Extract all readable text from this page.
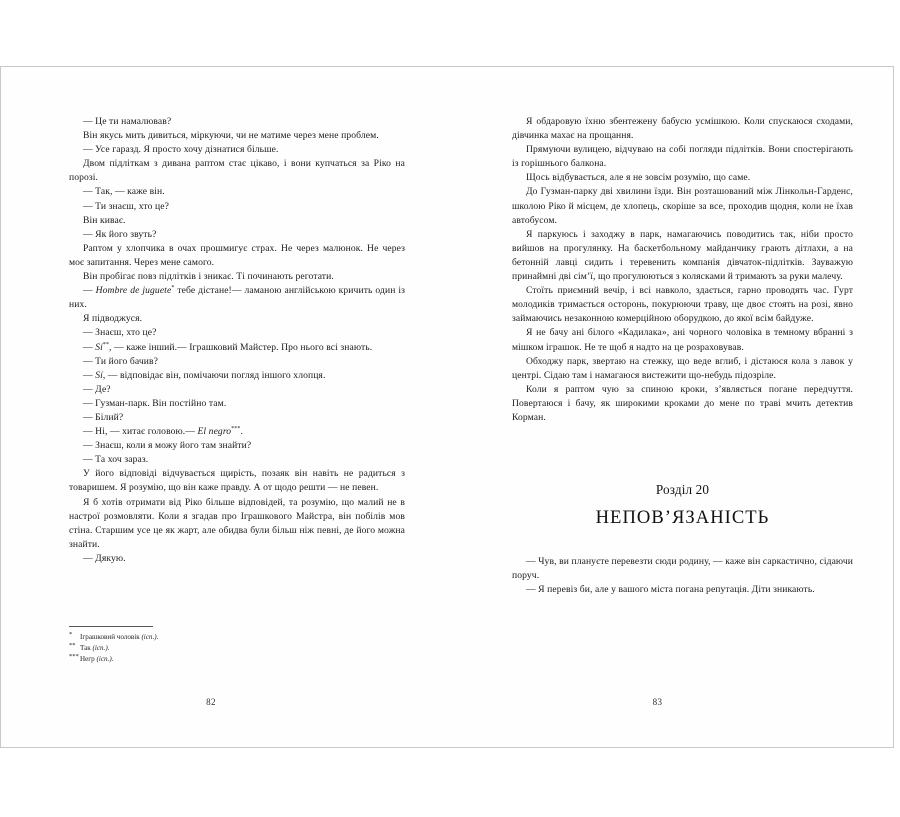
— Це ти намалював?

Він якусь мить дивиться, міркуючи, чи не матиме через мене проблем.

— Усе гаразд. Я просто хочу дізнатися більше.

Двом підліткам з дивана раптом стає цікаво, і вони купчаться за Ріко на порозі.

— Так, — каже він.

— Ти знаєш, хто це?

Він киває.

— Як його звуть?

Раптом у хлопчика в очах прошмигує страх. Не через малюнок. Не через моє запитання. Через мене самого.

Він пробігає повз підлітків і зникає. Ті починають реготати.

— Hombre de juguete* тебе дістане!— ламаною англійською кричить один із них.

Я підводжуся.

— Знаєш, хто це?

— Sí**, — каже інший.— Іграшковий Майстер. Про нього всі знають.

— Ти його бачив?

— Sí, — відповідає він, помічаючи погляд іншого хлопця.

— Де?

— Гузман-парк. Він постійно там.

— Білий?

— Ні, — хитає головою.— El negro***.

— Знаєш, коли я можу його там знайти?

— Та хоч зараз.

У його відповіді відчувається щирість, позаяк він навіть не радиться з товаришем. Я розумію, що він каже правду. А от щодо решти — не певен.

Я б хотів отримати від Ріко більше відповідей, та розумію, що малий не в настрої розмовляти. Коли я згадав про Іграшкового Майстра, він побілів мов стіна. Старшим усе це як жарт, але обидва були більш ніж певні, де його можна знайти.

— Дякую.

* Іграшковий чоловік (ісп.).

** Так (ісп.).

***Негр (ісп.).

82

Я обдаровую їхню збентежену бабусю усмішкою. Коли спускаюся сходами, дівчинка махає на прощання.

Прямуючи вулицею, відчуваю на собі погляди підлітків. Вони спостерігають із горішнього балкона.

Щось відбувається, але я не зовсім розумію, що саме.

До Гузман-парку дві хвилини їзди. Він розташований між Лінкольн-Гарденс, школою Ріко й місцем, де хлопець, скоріше за все, проходив щодня, коли не їхав автобусом.

Я паркуюсь і заходжу в парк, намагаючись поводитись так, ніби просто вийшов на прогулянку. На баскетбольному майданчику грають дітлахи, а на бетонній лавці сидить і теревенить компанія дівчаток-підлітків. Зауважую принаймні дві сім’ї, що прогулюються з колясками й тримають за руки малечу.

Стоїть приємний вечір, і всі навколо, здається, гарно проводять час. Гурт молодиків тримається осторонь, покурюючи траву, ще двоє стоять на розі, явно займаючись незаконною комерційною оборудкою, до якої всім байдуже.

Я не бачу ані білого «Кадилака», ані чорного чоловіка в темному вбранні з мішком іграшок. Не те щоб я надто на це розраховував.

Обходжу парк, звертаю на стежку, що веде вглиб, і дістаюся кола з лавок у центрі. Сідаю там і намагаюся вистежити що-небудь підозріле.

Коли я раптом чую за спиною кроки, з’являється погане передчуття. Повертаюся і бачу, як широкими кроками до мене по траві мчить детектив Корман.

Розділ 20
НЕПОВ’ЯЗАНІСТЬ

— Чув, ви плануєте перевезти сюди родину, — каже він саркастично, сідаючи поруч.

— Я перевіз би, але у вашого міста погана репутація. Діти зникають.

83
